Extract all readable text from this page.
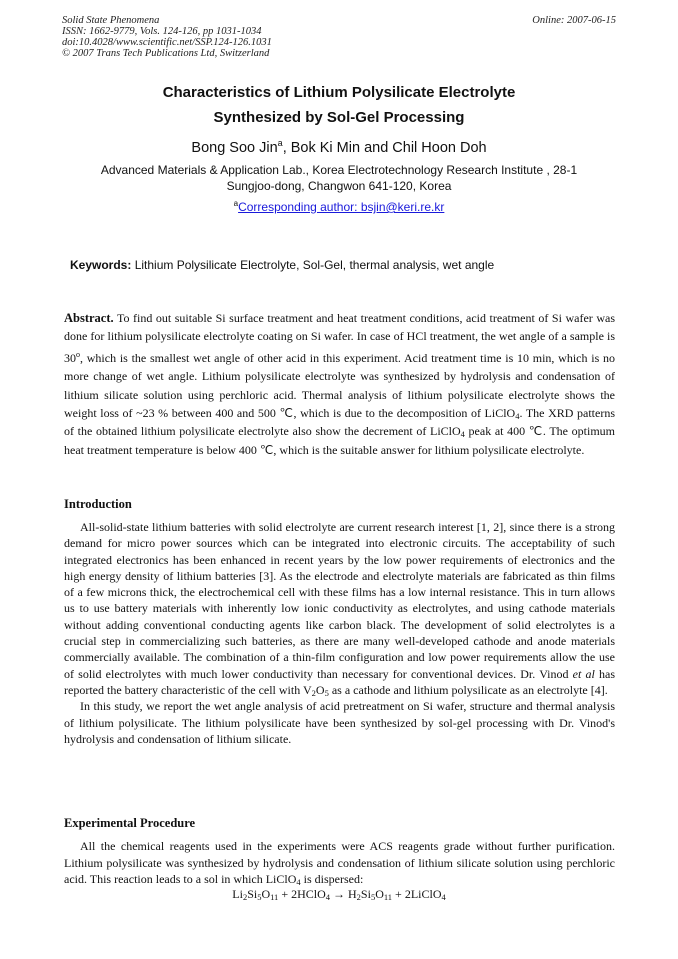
Solid State Phenomena
ISSN: 1662-9779, Vols. 124-126, pp 1031-1034
doi:10.4028/www.scientific.net/SSP.124-126.1031
© 2007 Trans Tech Publications Ltd, Switzerland
Online: 2007-06-15
Characteristics of Lithium Polysilicate Electrolyte
Synthesized by Sol-Gel Processing
Bong Soo Jin$^a$, Bok Ki Min and Chil Hoon Doh
Advanced Materials & Application Lab., Korea Electrotechnology Research Institute , 28-1
Sungjoo-dong, Changwon 641-120, Korea
$^a$Corresponding author: bsjin@keri.re.kr
Keywords: Lithium Polysilicate Electrolyte, Sol-Gel, thermal analysis, wet angle

Abstract. To find out suitable Si surface treatment and heat treatment conditions, acid treatment of Si wafer was done for lithium polysilicate electrolyte coating on Si wafer. In case of HCl treatment, the wet angle of a sample is 30$^o$, which is the smallest wet angle of other acid in this experiment. Acid treatment time is 10 min, which is no more change of wet angle. Lithium polysilicate electrolyte was synthesized by hydrolysis and condensation of lithium silicate solution using perchloric acid. Thermal analysis of lithium polysilicate electrolyte shows the weight loss of ~23 % between 400 and 500 ℃, which is due to the decomposition of LiClO$_4$. The XRD patterns of the obtained lithium polysilicate electrolyte also show the decrement of LiClO$_4$ peak at 400 ℃. The optimum heat treatment temperature is below 400 ℃, which is the suitable answer for lithium polysilicate electrolyte.

Introduction

All-solid-state lithium batteries with solid electrolyte are current research interest [1, 2], since there is a strong demand for micro power sources which can be integrated into electronic circuits. The acceptability of such integrated electronics has been enhanced in recent years by the low power requirements of electronics and the high energy density of lithium batteries [3]. As the electrode and electrolyte materials are fabricated as thin films of a few microns thick, the electrochemical cell with these films has a low internal resistance. This in turn allows us to use battery materials with inherently low ionic conductivity as electrolytes, and using cathode materials without adding conventional conducting agents like carbon black. The development of solid electrolytes is a crucial step in commercializing such batteries, as there are many well-developed cathode and anode materials commercially available. The combination of a thin-film configuration and low power requirements allow the use of solid electrolytes with much lower conductivity than necessary for conventional devices. Dr. Vinod et al has reported the battery characteristic of the cell with $V_2O_5$ as a cathode and lithium polysilicate as an electrolyte [4].

In this study, we report the wet angle analysis of acid pretreatment on Si wafer, structure and thermal analysis of lithium polysilicate. The lithium polysilicate have been synthesized by sol-gel processing with Dr. Vinod's hydrolysis and condensation of lithium silicate.

Experimental Procedure

All the chemical reagents used in the experiments were ACS reagents grade without further purification. Lithium polysilicate was synthesized by hydrolysis and condensation of lithium silicate solution using perchloric acid. This reaction leads to a sol in which LiClO$_4$ is dispersed:

$Li_2Si_5O_{11}$ + 2HClO$_4$ → $H_2Si_5O_{11}$ + 2LiClO$_4$
